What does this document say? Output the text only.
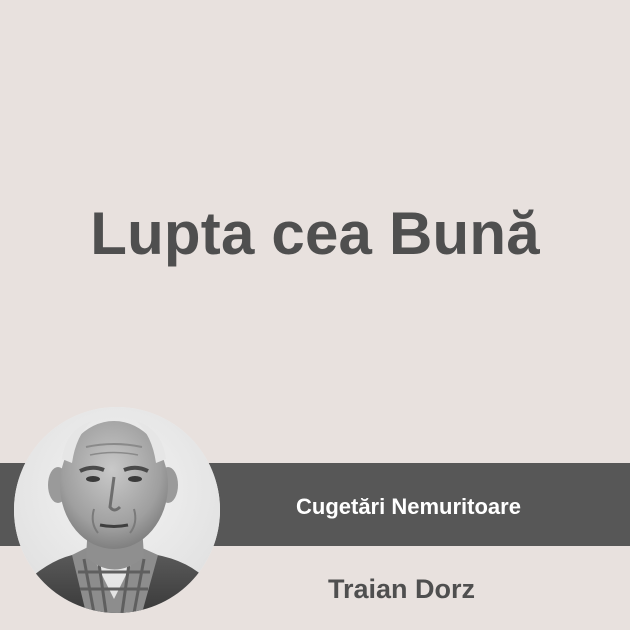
Lupta cea Bună
Cugetări Nemuritoare
Traian Dorz
